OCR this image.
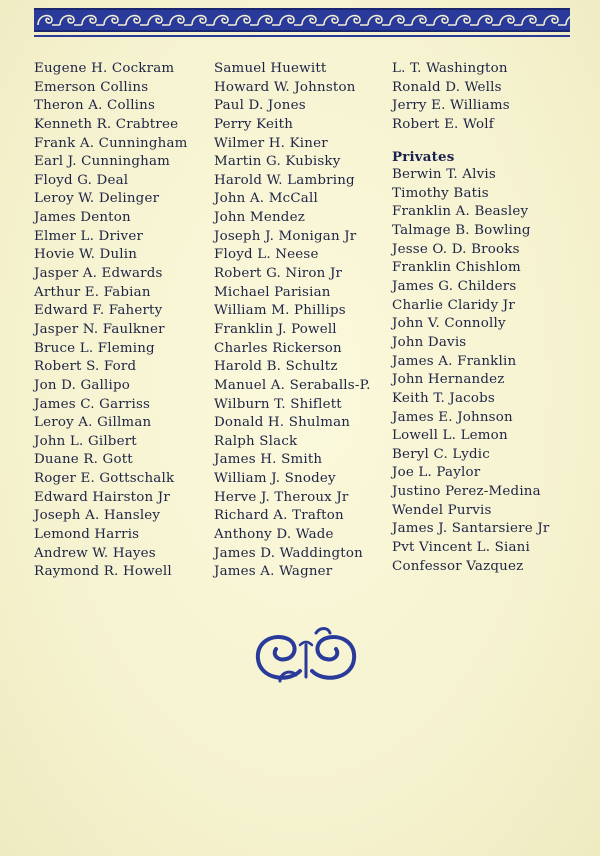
Eugene H. Cockram
Emerson Collins
Theron A. Collins
Kenneth R. Crabtree
Frank A. Cunningham
Earl J. Cunningham
Floyd G. Deal
Leroy W. Delinger
James Denton
Elmer L. Driver
Hovie W. Dulin
Jasper A. Edwards
Arthur E. Fabian
Edward F. Faherty
Jasper N. Faulkner
Bruce L. Fleming
Robert S. Ford
Jon D. Gallipo
James C. Garriss
Leroy A. Gillman
John L. Gilbert
Duane R. Gott
Roger E. Gottschalk
Edward Hairston Jr
Joseph A. Hansley
Lemond Harris
Andrew W. Hayes
Raymond R. Howell
Samuel Huewitt
Howard W. Johnston
Paul D. Jones
Perry Keith
Wilmer H. Kiner
Martin G. Kubisky
Harold W. Lambring
John A. McCall
John Mendez
Joseph J. Monigan Jr
Floyd L. Neese
Robert G. Niron Jr
Michael Parisian
William M. Phillips
Franklin J. Powell
Charles Rickerson
Harold B. Schultz
Manuel A. Seraballs-P.
Wilburn T. Shiflett
Donald H. Shulman
Ralph Slack
James H. Smith
William J. Snodey
Herve J. Theroux Jr
Richard A. Trafton
Anthony D. Wade
James D. Waddington
James A. Wagner
L. T. Washington
Ronald D. Wells
Jerry E. Williams
Robert E. Wolf
Privates
Berwin T. Alvis
Timothy Batis
Franklin A. Beasley
Talmage B. Bowling
Jesse O. D. Brooks
Franklin Chishlom
James G. Childers
Charlie Claridy Jr
John V. Connolly
John Davis
James A. Franklin
John Hernandez
Keith T. Jacobs
James E. Johnson
Lowell L. Lemon
Beryl C. Lydic
Joe L. Paylor
Justino Perez-Medina
Wendel Purvis
James J. Santarsiere Jr
Pvt Vincent L. Siani
Confessor Vazquez
